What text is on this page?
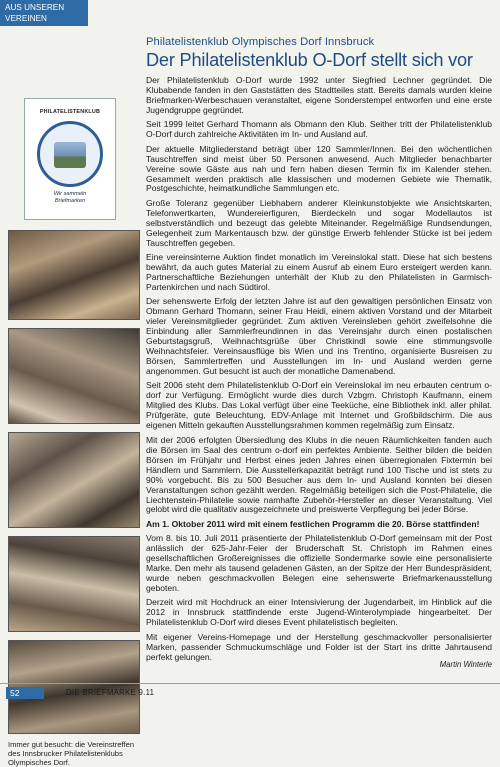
AUS UNSEREN
VEREINEN
PHILATELISTENKLUB
Wir sammeln
Briefmarken
Immer gut besucht: die Vereinstreffen des Innsbrucker Philatelistenklubs Olympisches Dorf.
Philatelistenklub Olympisches Dorf Innsbruck
Der Philatelistenklub O-Dorf stellt sich vor

Der Philatelistenklub O-Dorf wurde 1992 unter Siegfried Lechner gegründet. Die Klubabende fanden in den Gaststätten des Stadtteiles statt. Bereits damals wurden kleine Briefmarken-Werbeschauen veranstaltet, eigene Sonderstempel entworfen und eine erste Jugendgruppe gegründet.

Seit 1999 leitet Gerhard Thomann als Obmann den Klub. Seither tritt der Philatelistenklub O-Dorf durch zahlreiche Aktivitäten im In- und Ausland auf.

Der aktuelle Mitgliederstand beträgt über 120 Sammler/Innen. Bei den wöchentlichen Tauschtreffen sind meist über 50 Personen anwesend. Auch Mitglieder benachbarter Vereine sowie Gäste aus nah und fern haben diesen Termin fix im Kalender stehen. Gesammelt werden praktisch alle klassischen und modernen Gebiete wie Thematik, Postgeschichte, heimatkundliche Sammlungen etc.

Große Toleranz gegenüber Liebhabern anderer Kleinkunstobjekte wie Ansichtskarten, Telefonwertkarten, Wundereierfiguren, Bierdeckeln und sogar Modellautos ist selbstverständlich und bezeugt das gelebte Miteinander. Regelmäßige Rundsendungen, Gelegenheit zum Markentausch bzw. der günstige Erwerb fehlender Stücke ist bei jedem Tauschtreffen gegeben.

Eine vereinsinterne Auktion findet monatlich im Vereinslokal statt. Diese hat sich bestens bewährt, da auch gutes Material zu einem Ausruf ab einem Euro ersteigert werden kann. Partnerschaftliche Beziehungen unterhält der Klub zu den Philatelisten in Garmisch-Partenkirchen und nach Südtirol.

Der sehenswerte Erfolg der letzten Jahre ist auf den gewaltigen persönlichen Einsatz von Obmann Gerhard Thomann, seiner Frau Heidi, einem aktiven Vorstand und der Mitarbeit vieler Vereinsmitglieder gegründet. Zum aktiven Vereinsleben gehört zweifelsohne die Einbindung aller Sammlerfreundinnen in das Vereinsjahr durch einen postalischen Geburtstagsgruß, Weihnachtsgrüße über Christkindl sowie eine stimmungsvolle Weihnachtsfeier. Vereinsausflüge bis Wien und ins Trentino, organisierte Busreisen zu Börsen, Sammlertreffen und Ausstellungen im In- und Ausland werden gerne angenommen. Gut besucht ist auch der monatliche Damenabend.

Seit 2006 steht dem Philatelistenklub O-Dorf ein Vereinslokal im neu erbauten centrum o-dorf zur Verfügung. Ermöglicht wurde dies durch Vzbgm. Christoph Kaufmann, einem Mitglied des Klubs. Das Lokal verfügt über eine Teeküche, eine Bibliothek inkl. aller philat. Prüfgeräte, gute Beleuchtung, EDV-Anlage mit Internet und Großbildschirm. Die aus eigenen Mitteln gekauften Ausstellungsrahmen kommen regelmäßig zum Einsatz.

Mit der 2006 erfolgten Übersiedlung des Klubs in die neuen Räumlichkeiten fanden auch die Börsen im Saal des centrum o-dorf ein perfektes Ambiente. Seither bilden die beiden Börsen im Frühjahr und Herbst eines jeden Jahres einen überregionalen Fixtermin bei Händlern und Sammlern. Die Ausstellerkapazität beträgt rund 100 Tische und ist stets zu 90% vorgebucht. Bis zu 500 Besucher aus dem In- und Ausland konnten bei diesen Veranstaltungen schon gezählt werden. Regelmäßig beteiligen sich die Post-Philatelie, die Liechtenstein-Philatelie sowie namhafte Zubehör-Hersteller an dieser Veranstaltung. Viel gelobt wird die qualitativ ausgezeichnete und preiswerte Verpflegung bei jeder Börse.

Am 1. Oktober 2011 wird mit einem festlichen Programm die 20. Börse stattfinden!

Vom 8. bis 10. Juli 2011 präsentierte der Philatelistenklub O-Dorf gemeinsam mit der Post anlässlich der 625-Jahr-Feier der Bruderschaft St. Christoph im Rahmen eines gesellschaftlichen Großereignisses die offizielle Sondermarke sowie eine personalisierte Marke. Den mehr als tausend geladenen Gästen, an der Spitze der Herr Bundespräsident, wurde neben geschmackvollen Belegen eine sehenswerte Briefmarkenausstellung geboten.

Derzeit wird mit Hochdruck an einer Intensivierung der Jugendarbeit, im Hinblick auf die 2012 in Innsbruck stattfindende erste Jugend-Winterolympiade hingearbeitet. Der Philatelistenklub O-Dorf wird dieses Event philatelistisch begleiten.

Mit eigener Vereins-Homepage und der Herstellung geschmackvoller personalisierter Marken, passender Schmuckumschläge und Folder ist der Start ins dritte Jahrtausend perfekt gelungen.

Martin Winterle
52	DIE BRIEFMARKE 9.11
